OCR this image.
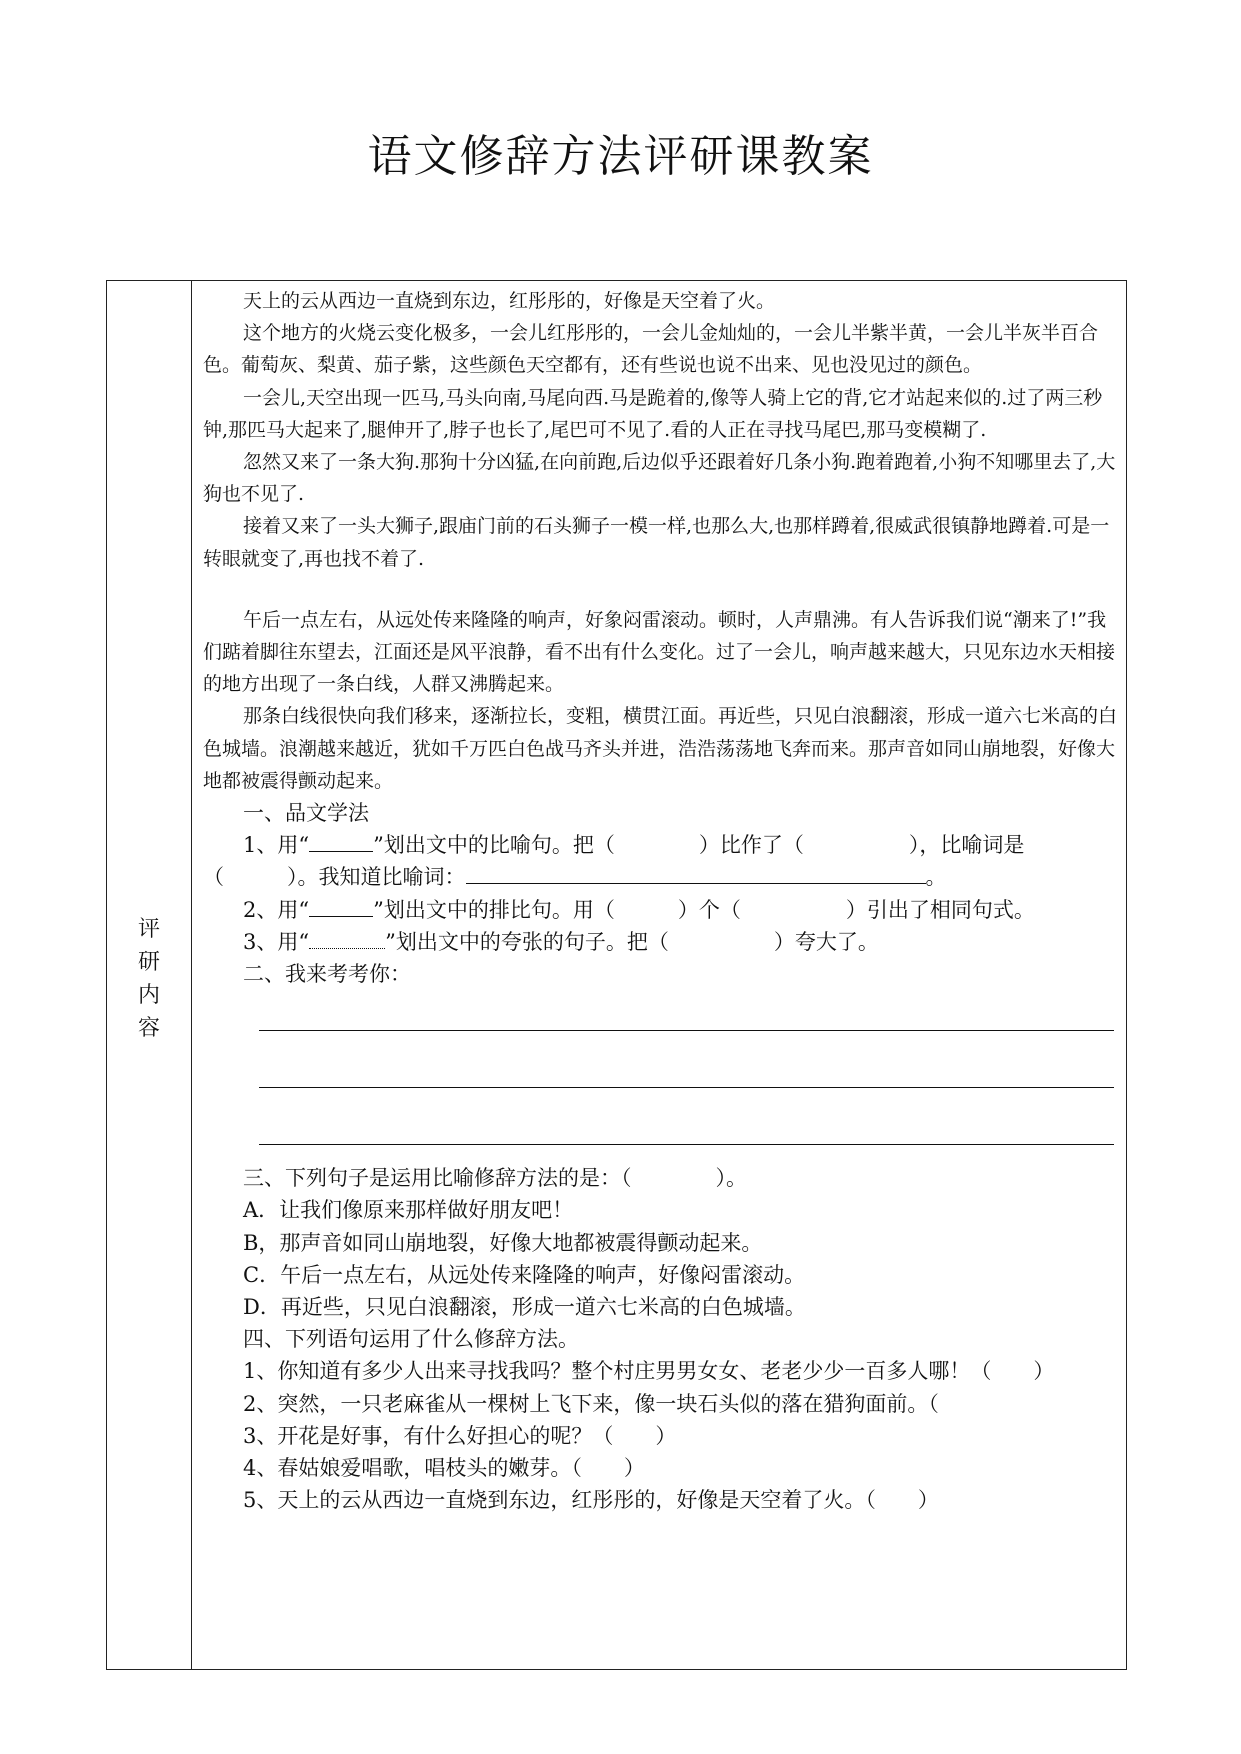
语文修辞方法评研课教案
评
研
内
容

天上的云从西边一直烧到东边，红彤彤的，好像是天空着了火。

这个地方的火烧云变化极多，一会儿红彤彤的，一会儿金灿灿的，一会儿半紫半黄，一会儿半灰半百合色。葡萄灰、梨黄、茄子紫，这些颜色天空都有，还有些说也说不出来、见也没见过的颜色。

一会儿,天空出现一匹马,马头向南,马尾向西.马是跪着的,像等人骑上它的背,它才站起来似的.过了两三秒钟,那匹马大起来了,腿伸开了,脖子也长了,尾巴可不见了.看的人正在寻找马尾巴,那马变模糊了.

忽然又来了一条大狗.那狗十分凶猛,在向前跑,后边似乎还跟着好几条小狗.跑着跑着,小狗不知哪里去了,大狗也不见了.

接着又来了一头大狮子,跟庙门前的石头狮子一模一样,也那么大,也那样蹲着,很威武很镇静地蹲着.可是一转眼就变了,再也找不着了.

午后一点左右，从远处传来隆隆的响声，好象闷雷滚动。顿时，人声鼎沸。有人告诉我们说“潮来了!”我们踮着脚往东望去，江面还是风平浪静，看不出有什么变化。过了一会儿，响声越来越大，只见东边水天相接的地方出现了一条白线，人群又沸腾起来。

那条白线很快向我们移来，逐渐拉长，变粗，横贯江面。再近些，只见白浪翻滚，形成一道六七米高的白色城墙。浪潮越来越近，犹如千万匹白色战马齐头并进，浩浩荡荡地飞奔而来。那声音如同山崩地裂，好像大地都被震得颤动起来。

一、品文学法
1、用“	”划出文中的比喻句。把（　　　　）比作了（　　　　　），比喻词是（　　　）。我知道比喻词：	。
2、用“	”划出文中的排比句。用（　　　）个（　　　　　）引出了相同句式。
3、用“	”划出文中的夸张的句子。把（　　　　　）夸大了。
二、我来考考你：
三、下列句子是运用比喻修辞方法的是：（　　　　）。
A．让我们像原来那样做好朋友吧！
B，那声音如同山崩地裂，好像大地都被震得颤动起来。
C．午后一点左右，从远处传来隆隆的响声，好像闷雷滚动。
D．再近些，只见白浪翻滚，形成一道六七米高的白色城墙。
四、下列语句运用了什么修辞方法。
1、你知道有多少人出来寻找我吗？整个村庄男男女女、老老少少一百多人哪！（　　）
2、突然，一只老麻雀从一棵树上飞下来，像一块石头似的落在猎狗面前。（
3、开花是好事，有什么好担心的呢？（　　）
4、春姑娘爱唱歌，唱枝头的嫩芽。（　　）
5、天上的云从西边一直烧到东边，红彤彤的，好像是天空着了火。（　　）
